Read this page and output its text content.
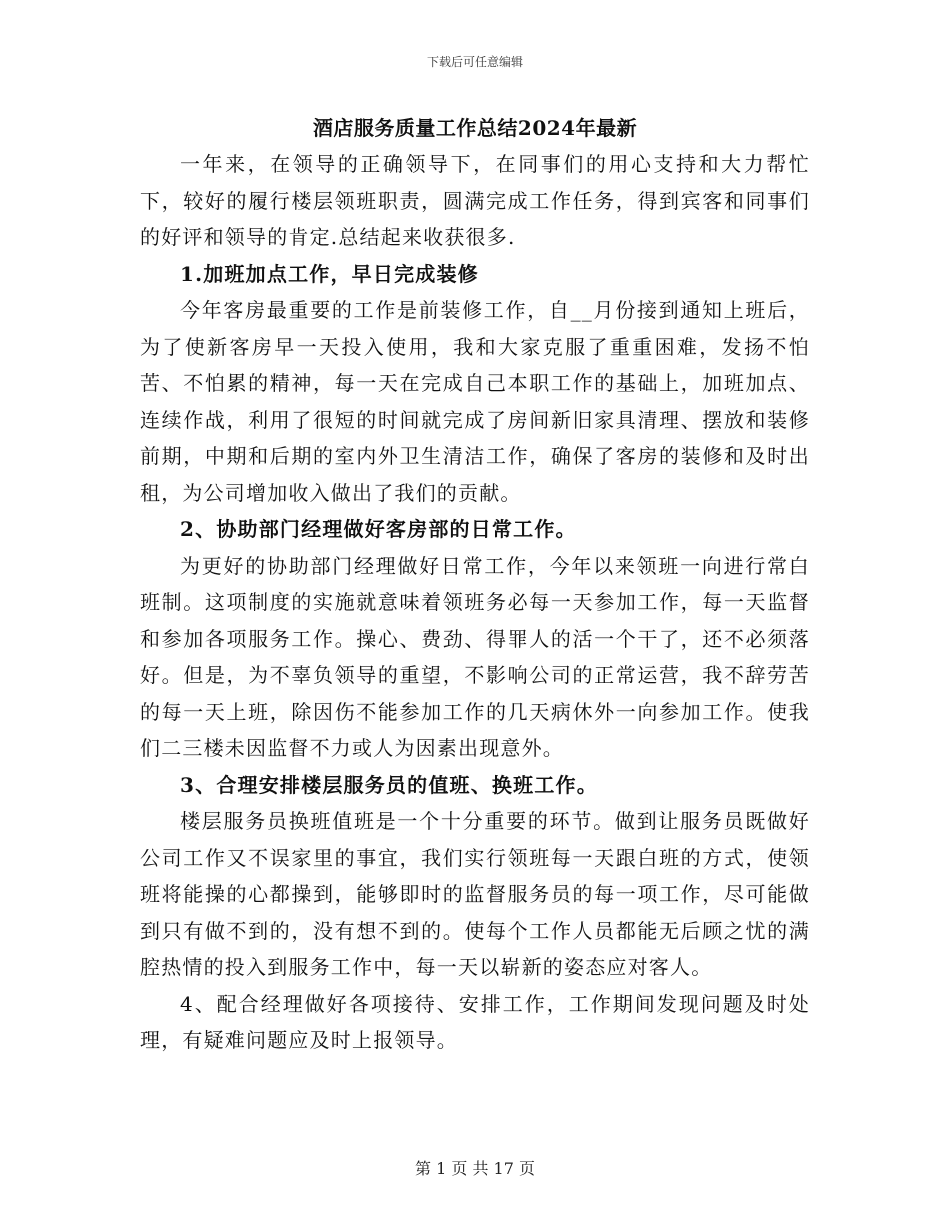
下载后可任意编辑
酒店服务质量工作总结2024年最新

一年来，在领导的正确领导下，在同事们的用心支持和大力帮忙下，较好的履行楼层领班职责，圆满完成工作任务，得到宾客和同事们的好评和领导的肯定.总结起来收获很多.

1.加班加点工作，早日完成装修

今年客房最重要的工作是前装修工作，自__月份接到通知上班后，为了使新客房早一天投入使用，我和大家克服了重重困难，发扬不怕苦、不怕累的精神，每一天在完成自己本职工作的基础上，加班加点、连续作战，利用了很短的时间就完成了房间新旧家具清理、摆放和装修前期，中期和后期的室内外卫生清洁工作，确保了客房的装修和及时出租，为公司增加收入做出了我们的贡献。

2、协助部门经理做好客房部的日常工作。

为更好的协助部门经理做好日常工作，今年以来领班一向进行常白班制。这项制度的实施就意味着领班务必每一天参加工作，每一天监督和参加各项服务工作。操心、费劲、得罪人的活一个干了，还不必须落好。但是，为不辜负领导的重望，不影响公司的正常运营，我不辞劳苦的每一天上班，除因伤不能参加工作的几天病休外一向参加工作。使我们二三楼未因监督不力或人为因素出现意外。

3、合理安排楼层服务员的值班、换班工作。

楼层服务员换班值班是一个十分重要的环节。做到让服务员既做好公司工作又不误家里的事宜，我们实行领班每一天跟白班的方式，使领班将能操的心都操到，能够即时的监督服务员的每一项工作，尽可能做到只有做不到的，没有想不到的。使每个工作人员都能无后顾之忧的满腔热情的投入到服务工作中，每一天以崭新的姿态应对客人。

4、配合经理做好各项接待、安排工作，工作期间发现问题及时处理，有疑难问题应及时上报领导。

第 1 页 共 17 页
